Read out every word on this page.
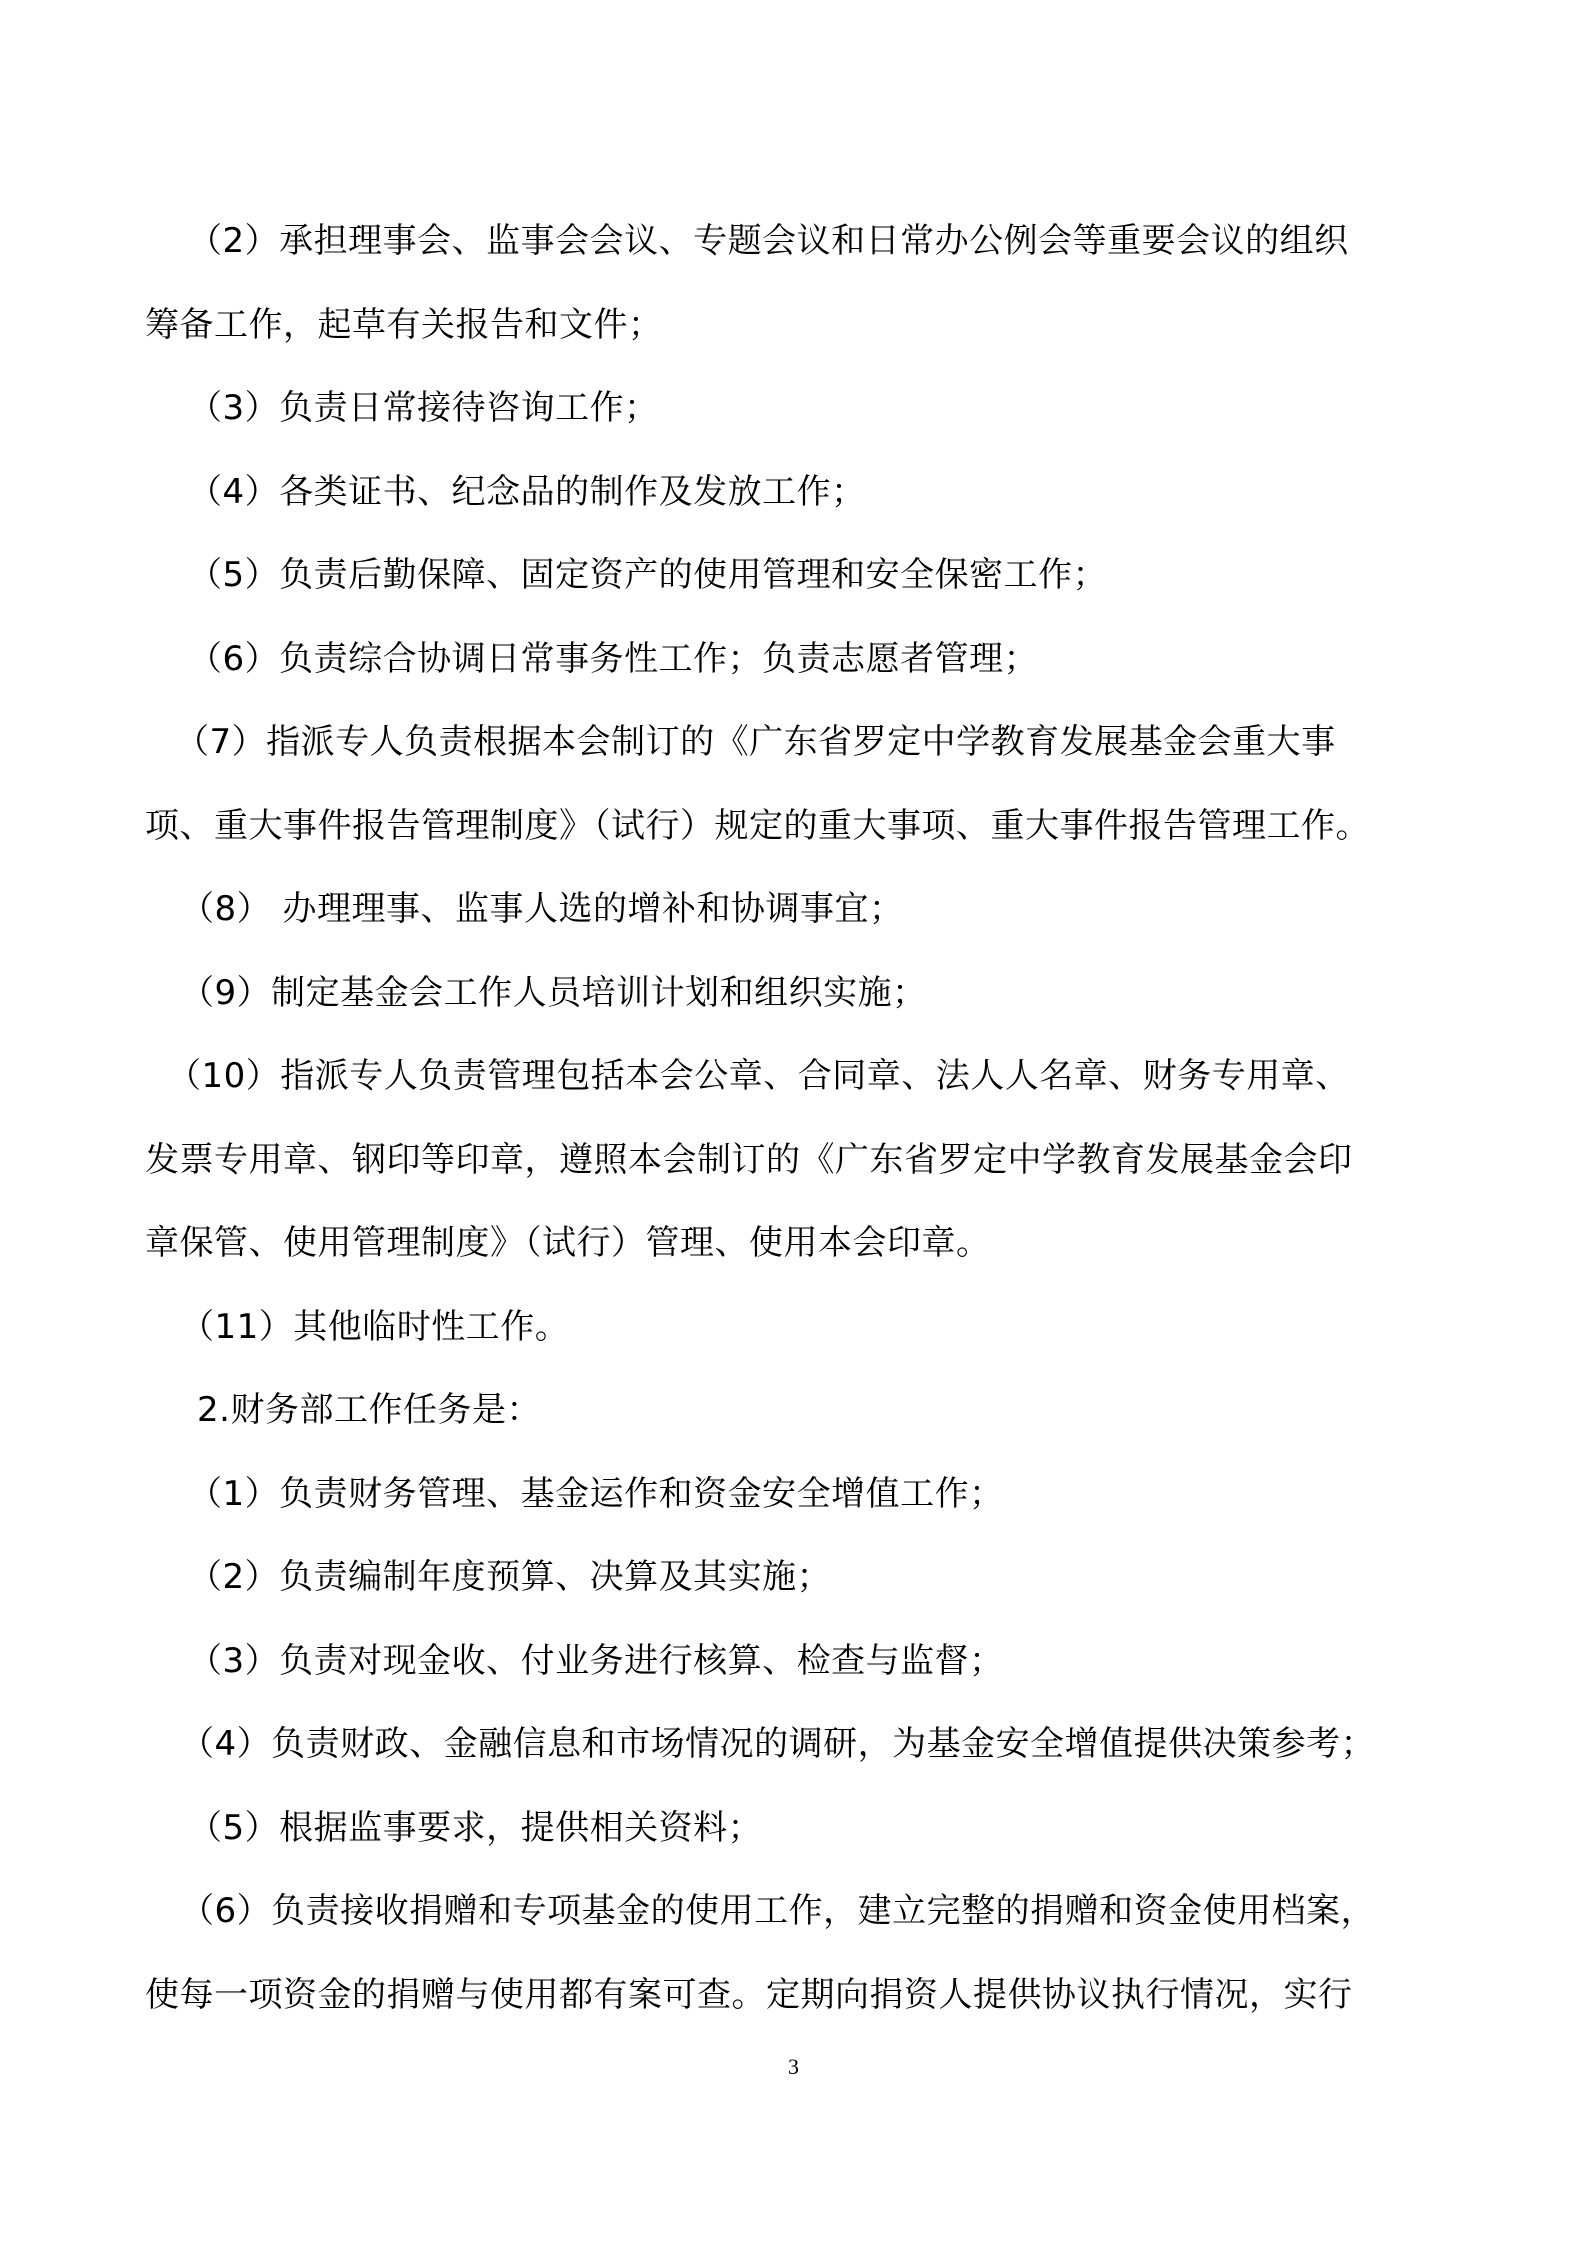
（2）承担理事会、监事会会议、专题会议和日常办公例会等重要会议的组织
筹备工作，起草有关报告和文件；
（3）负责日常接待咨询工作；
（4）各类证书、纪念品的制作及发放工作；
（5）负责后勤保障、固定资产的使用管理和安全保密工作；
（6）负责综合协调日常事务性工作；负责志愿者管理；
（7）指派专人负责根据本会制订的《广东省罗定中学教育发展基金会重大事
项、重大事件报告管理制度》（试行）规定的重大事项、重大事件报告管理工作。
（8） 办理理事、监事人选的增补和协调事宜；
（9）制定基金会工作人员培训计划和组织实施；
（10）指派专人负责管理包括本会公章、合同章、法人人名章、财务专用章、
发票专用章、钢印等印章，遵照本会制订的《广东省罗定中学教育发展基金会印
章保管、使用管理制度》（试行）管理、使用本会印章。
（11）其他临时性工作。
2.财务部工作任务是：
（1）负责财务管理、基金运作和资金安全增值工作；
（2）负责编制年度预算、决算及其实施；
（3）负责对现金收、付业务进行核算、检查与监督；
（4）负责财政、金融信息和市场情况的调研，为基金安全增值提供决策参考；
（5）根据监事要求，提供相关资料；
（6）负责接收捐赠和专项基金的使用工作，建立完整的捐赠和资金使用档案，
使每一项资金的捐赠与使用都有案可查。定期向捐资人提供协议执行情况，实行
3
